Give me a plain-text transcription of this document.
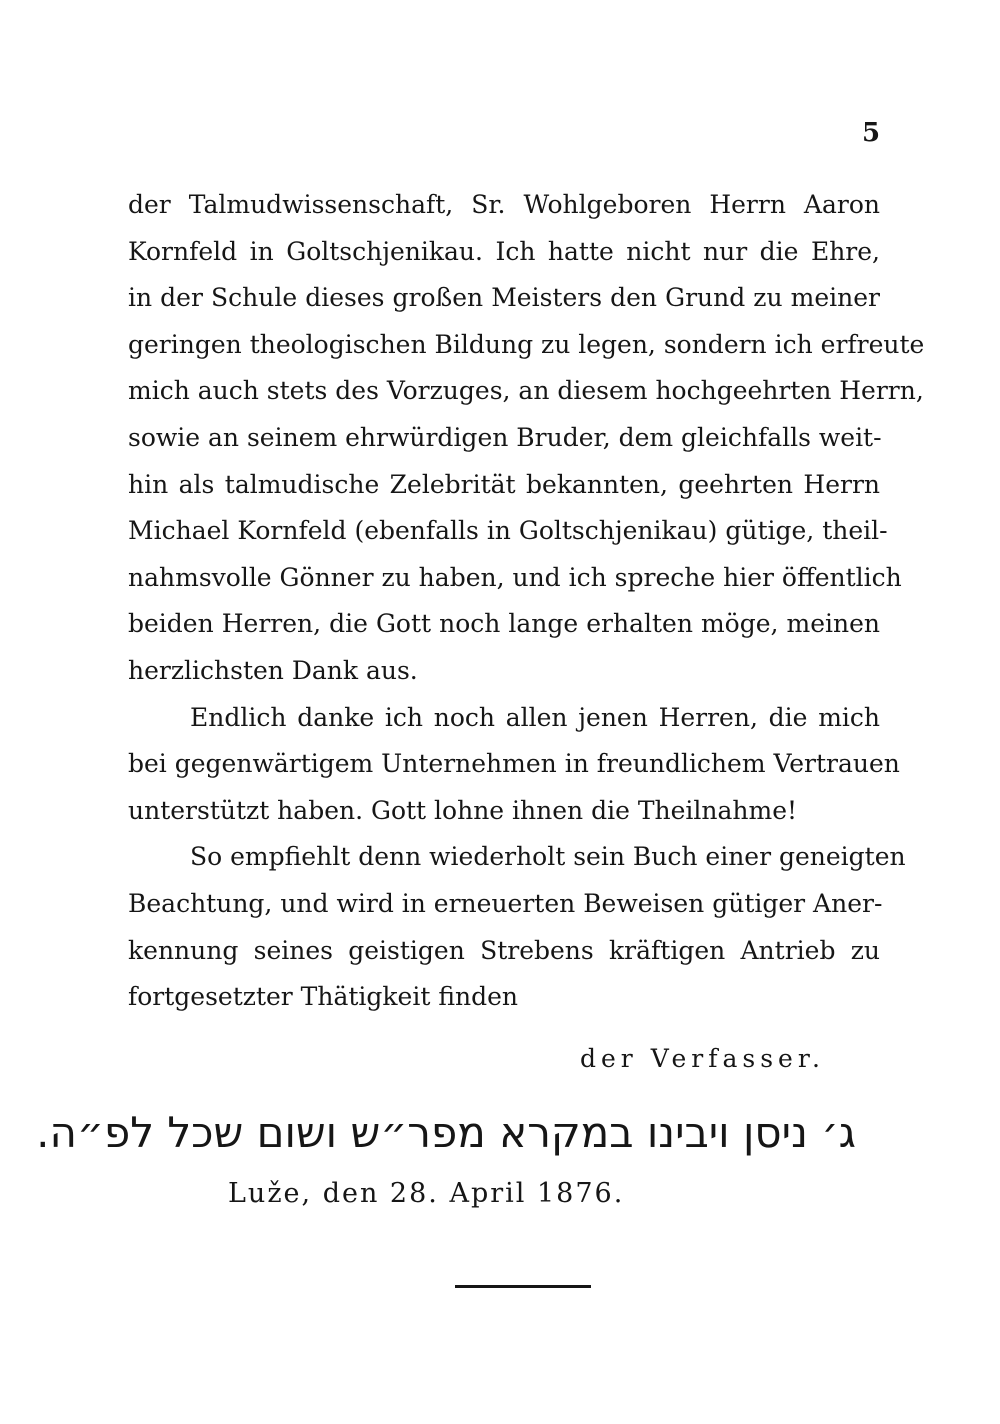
5

der Talmudwissenschaft, Sr. Wohlgeboren Herrn Aaron
Kornfeld in Goltschjenikau. Ich hatte nicht nur die Ehre,
in der Schule dieses großen Meisters den Grund zu meiner
geringen theologischen Bildung zu legen, sondern ich erfreute
mich auch stets des Vorzuges, an diesem hochgeehrten Herrn,
sowie an seinem ehrwürdigen Bruder, dem gleichfalls weit-
hin als talmudische Zelebrität bekannten, geehrten Herrn
Michael Kornfeld (ebenfalls in Goltschjenikau) gütige, theil-
nahmsvolle Gönner zu haben, und ich spreche hier öffentlich
beiden Herren, die Gott noch lange erhalten möge, meinen
herzlichsten Dank aus.

Endlich danke ich noch allen jenen Herren, die mich
bei gegenwärtigem Unternehmen in freundlichem Vertrauen
unterstützt haben. Gott lohne ihnen die Theilnahme!

So empfiehlt denn wiederholt sein Buch einer geneigten
Beachtung, und wird in erneuerten Beweisen gütiger Aner-
kennung seines geistigen Strebens kräftigen Antrieb zu
fortgesetzter Thätigkeit finden

der Verfasser.
ג׳ ניסן ויבינו במקרא מפר״ש ושום שכל לפ״ה.
Luže, den 28. April 1876.
